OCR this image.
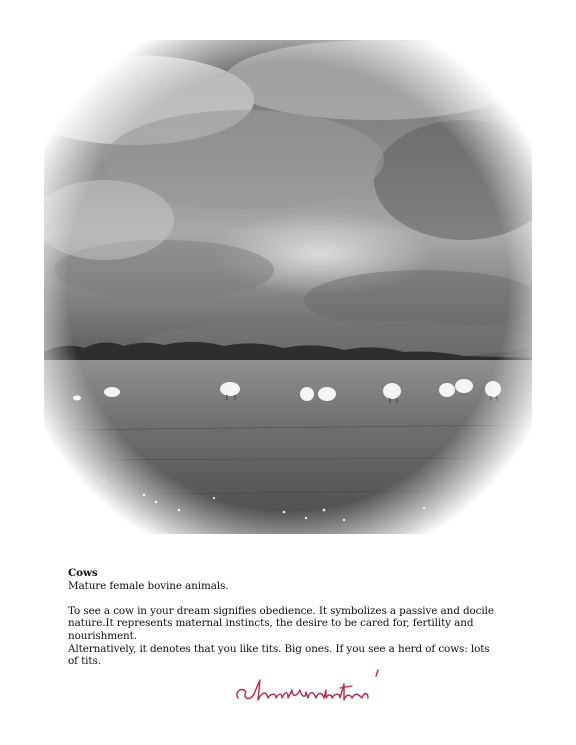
Cows

Mature female bovine animals.

To see a cow in your dream signifies obedience. It symbolizes a passive and docile

nature.It represents maternal instincts, the desire to be cared for, fertility and

nourishment.

Alternatively, it denotes that you like tits. Big ones. If you see a herd of cows: lots

of tits.
